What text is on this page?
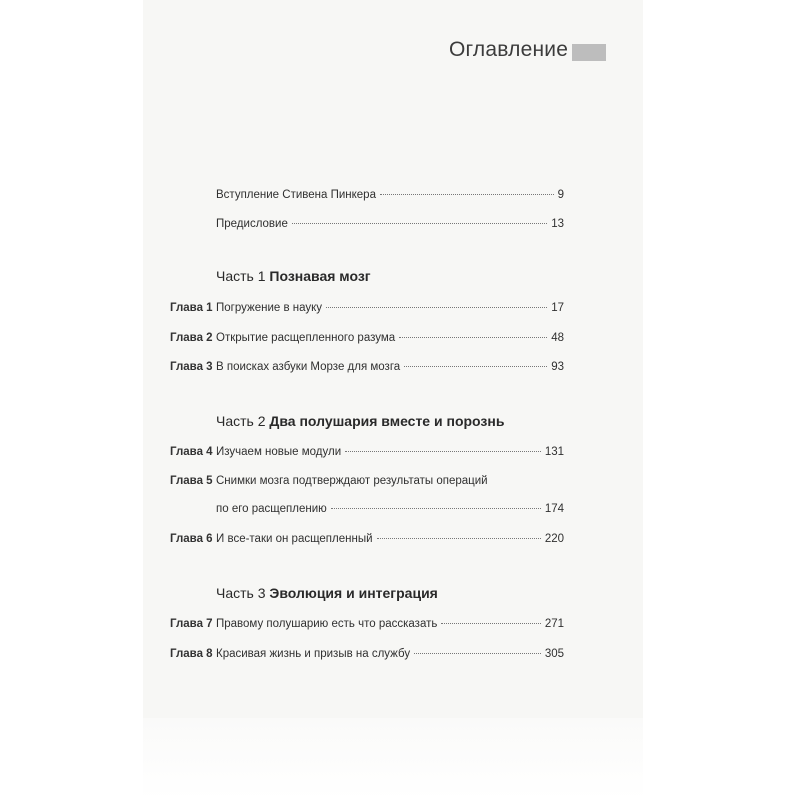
Оглавление
Вступление Стивена Пинкера	9
Предисловие	13
Часть 1 Познавая мозг
Глава 1 Погружение в науку	17
Глава 2 Открытие расщепленного разума	48
Глава 3 В поисках азбуки Морзе для мозга	93
Часть 2 Два полушария вместе и порознь
Глава 4 Изучаем новые модули	131
Глава 5 Снимки мозга подтверждают результаты операций
по его расщеплению	174
Глава 6 И все-таки он расщепленный	220
Часть 3 Эволюция и интеграция
Глава 7 Правому полушарию есть что рассказать	271
Глава 8 Красивая жизнь и призыв на службу	305
